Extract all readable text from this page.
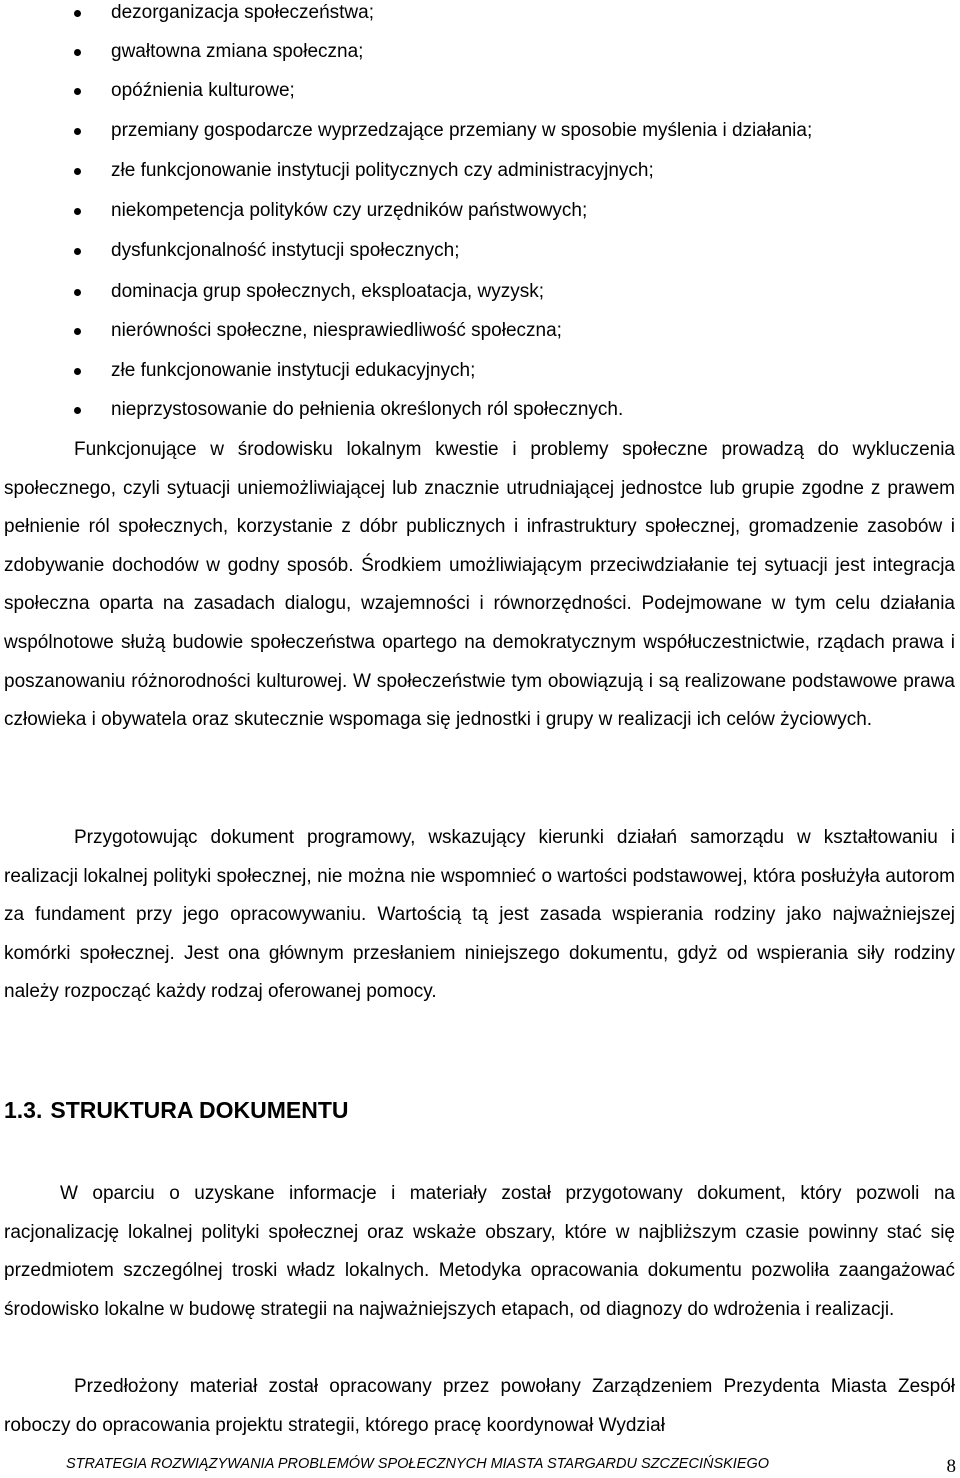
dezorganizacja społeczeństwa;
gwałtowna zmiana społeczna;
opóźnienia kulturowe;
przemiany gospodarcze wyprzedzające przemiany w sposobie myślenia i działania;
złe funkcjonowanie instytucji politycznych czy administracyjnych;
niekompetencja polityków czy urzędników państwowych;
dysfunkcjonalność instytucji społecznych;
dominacja grup społecznych, eksploatacja, wyzysk;
nierówności społeczne, niesprawiedliwość społeczna;
złe funkcjonowanie instytucji edukacyjnych;
nieprzystosowanie do pełnienia określonych ról społecznych.

Funkcjonujące w środowisku lokalnym kwestie i problemy społeczne prowadzą do wykluczenia społecznego, czyli sytuacji uniemożliwiającej lub znacznie utrudniającej jednostce lub grupie zgodne z prawem pełnienie ról społecznych, korzystanie z dóbr publicznych i infrastruktury społecznej, gromadzenie zasobów i zdobywanie dochodów w godny sposób. Środkiem umożliwiającym przeciwdziałanie tej sytuacji jest integracja społeczna oparta na zasadach dialogu, wzajemności i równorzędności. Podejmowane w tym celu działania wspólnotowe służą budowie społeczeństwa opartego na demokratycznym współuczestnictwie, rządach prawa i poszanowaniu różnorodności kulturowej. W społeczeństwie tym obowiązują i są realizowane podstawowe prawa człowieka i obywatela oraz skutecznie wspomaga się jednostki i grupy w realizacji ich celów życiowych.

Przygotowując dokument programowy, wskazujący kierunki działań samorządu w kształtowaniu i realizacji lokalnej polityki społecznej, nie można nie wspomnieć o wartości podstawowej, która posłużyła autorom za fundament przy jego opracowywaniu. Wartością tą jest zasada wspierania rodziny jako najważniejszej komórki społecznej. Jest ona głównym przesłaniem niniejszego dokumentu, gdyż od wspierania siły rodziny należy rozpocząć każdy rodzaj oferowanej pomocy.

1.3. STRUKTURA DOKUMENTU

W oparciu o uzyskane informacje i materiały został przygotowany dokument, który pozwoli na racjonalizację lokalnej polityki społecznej oraz wskaże obszary, które w najbliższym czasie powinny stać się przedmiotem szczególnej troski władz lokalnych. Metodyka opracowania dokumentu pozwoliła zaangażować środowisko lokalne w budowę strategii na najważniejszych etapach, od diagnozy do wdrożenia i realizacji.

Przedłożony materiał został opracowany przez powołany Zarządzeniem Prezydenta Miasta Zespół roboczy do opracowania projektu strategii, którego pracę koordynował Wydział

STRATEGIA ROZWIĄZYWANIA PROBLEMÓW SPOŁECZNYCH MIASTA STARGARDU SZCZECIŃSKIEGO	8
